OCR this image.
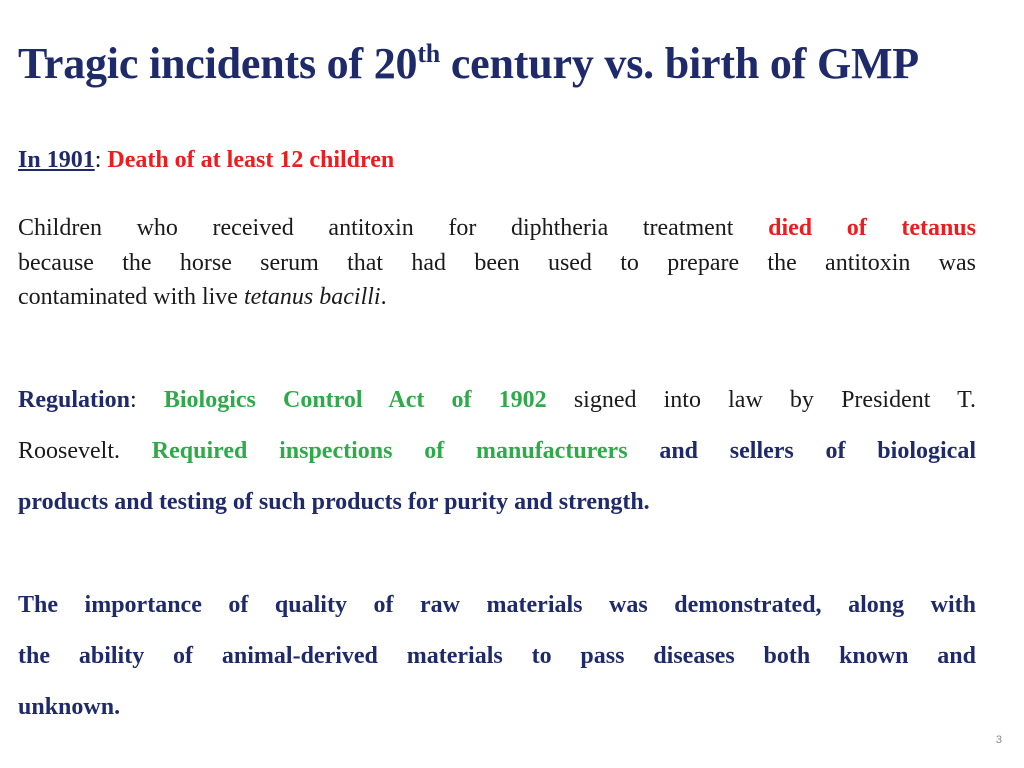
Tragic incidents of 20th century vs. birth of GMP
In 1901: Death of at least 12 children
Children who received antitoxin for diphtheria treatment died of tetanus
because the horse serum that had been used to prepare the antitoxin was
contaminated with live tetanus bacilli.
Regulation: Biologics Control Act of 1902 signed into law by President T.
Roosevelt. Required inspections of manufacturers and sellers of biological
products and testing of such products for purity and strength.
The importance of quality of raw materials was demonstrated, along with
the ability of animal-derived materials to pass diseases both known and
unknown.
3
